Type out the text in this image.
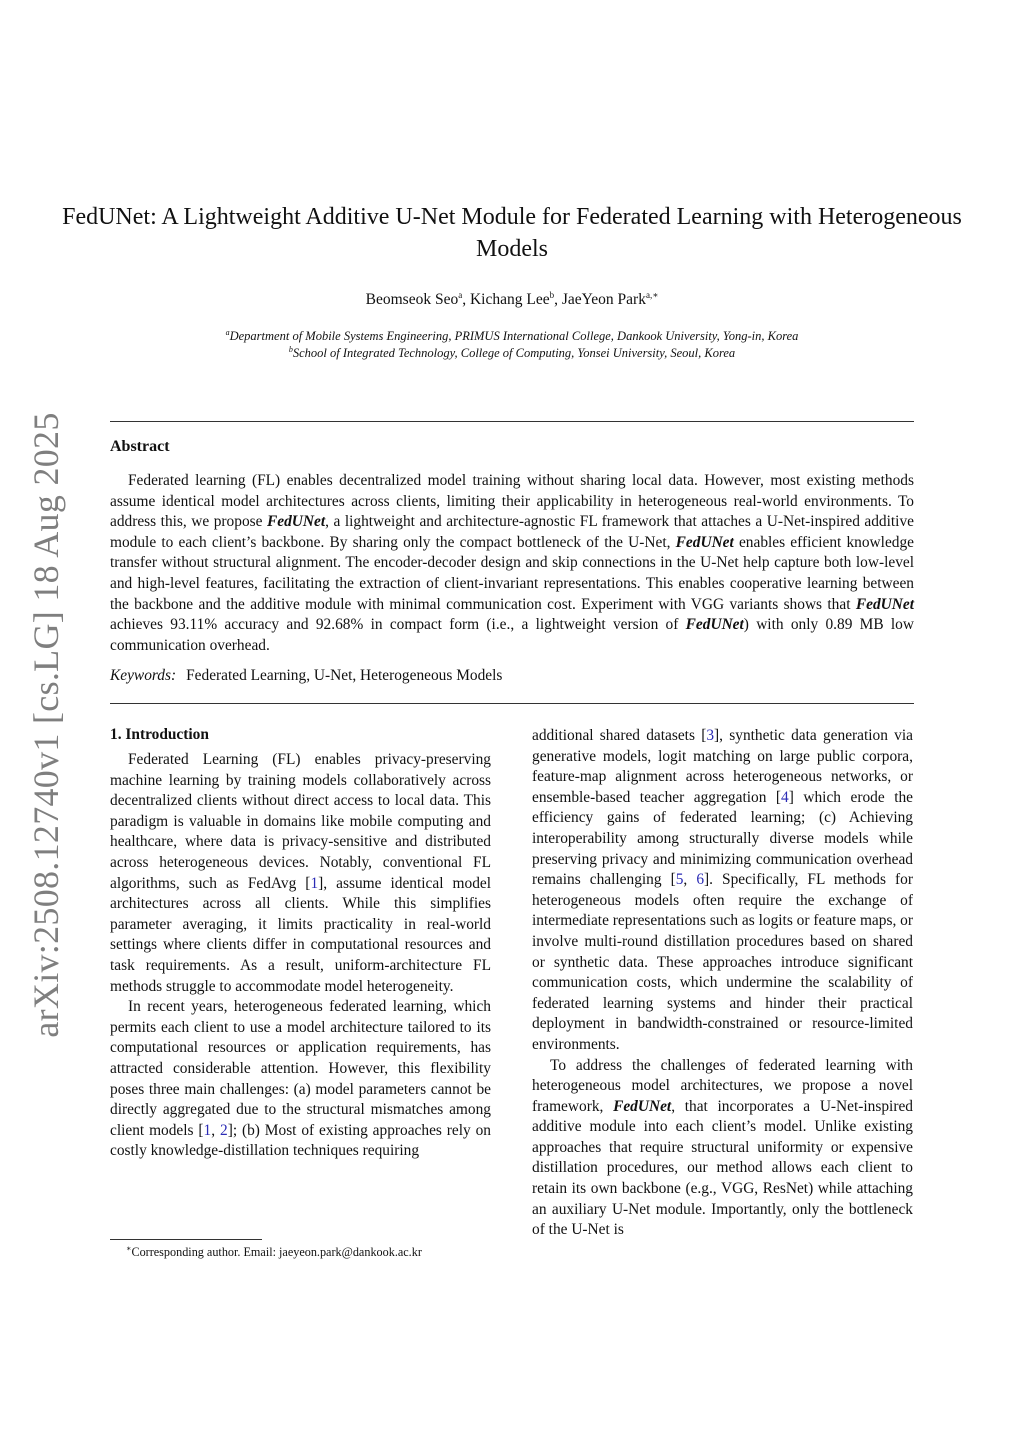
arXiv:2508.12740v1 [cs.LG] 18 Aug 2025
FedUNet: A Lightweight Additive U-Net Module for Federated Learning with Heterogeneous Models
Beomseok Seo$^a$, Kichang Lee$^b$, JaeYeon Park$^{a,∗}$
$^a$Department of Mobile Systems Engineering, PRIMUS International College, Dankook University, Yong-in, Korea
$^b$School of Integrated Technology, College of Computing, Yonsei University, Seoul, Korea
Abstract

Federated learning (FL) enables decentralized model training without sharing local data. However, most existing methods assume identical model architectures across clients, limiting their applicability in heterogeneous real-world environments. To address this, we propose FedUNet, a lightweight and architecture-agnostic FL framework that attaches a U-Net-inspired additive module to each client’s backbone. By sharing only the compact bottleneck of the U-Net, FedUNet enables efficient knowledge transfer without structural alignment. The encoder-decoder design and skip connections in the U-Net help capture both low-level and high-level features, facilitating the extraction of client-invariant representations. This enables cooperative learning between the backbone and the additive module with minimal communication cost. Experiment with VGG variants shows that FedUNet achieves 93.11% accuracy and 92.68% in compact form (i.e., a lightweight version of FedUNet) with only 0.89 MB low communication overhead.

Keywords: Federated Learning, U-Net, Heterogeneous Models
1. Introduction

Federated Learning (FL) enables privacy-preserving machine learning by training models collaboratively across decentralized clients without direct access to local data. This paradigm is valuable in domains like mobile computing and healthcare, where data is privacy-sensitive and distributed across heterogeneous devices. Notably, conventional FL algorithms, such as FedAvg [1], assume identical model architectures across all clients. While this simplifies parameter averaging, it limits practicality in real-world settings where clients differ in computational resources and task requirements. As a result, uniform-architecture FL methods struggle to accommodate model heterogeneity.

In recent years, heterogeneous federated learning, which permits each client to use a model architecture tailored to its computational resources or application requirements, has attracted considerable attention. However, this flexibility poses three main challenges: (a) model parameters cannot be directly aggregated due to the structural mismatches among client models [1, 2]; (b) Most of existing approaches rely on costly knowledge-distillation techniques requiring

additional shared datasets [3], synthetic data generation via generative models, logit matching on large public corpora, feature-map alignment across heterogeneous networks, or ensemble-based teacher aggregation [4] which erode the efficiency gains of federated learning; (c) Achieving interoperability among structurally diverse models while preserving privacy and minimizing communication overhead remains challenging [5, 6]. Specifically, FL methods for heterogeneous models often require the exchange of intermediate representations such as logits or feature maps, or involve multi-round distillation procedures based on shared or synthetic data. These approaches introduce significant communication costs, which undermine the scalability of federated learning systems and hinder their practical deployment in bandwidth-constrained or resource-limited environments.

To address the challenges of federated learning with heterogeneous model architectures, we propose a novel framework, FedUNet, that incorporates a U-Net-inspired additive module into each client’s model. Unlike existing approaches that require structural uniformity or expensive distillation procedures, our method allows each client to retain its own backbone (e.g., VGG, ResNet) while attaching an auxiliary U-Net module. Importantly, only the bottleneck of the U-Net is

∗Corresponding author. Email: jaeyeon.park@dankook.ac.kr
